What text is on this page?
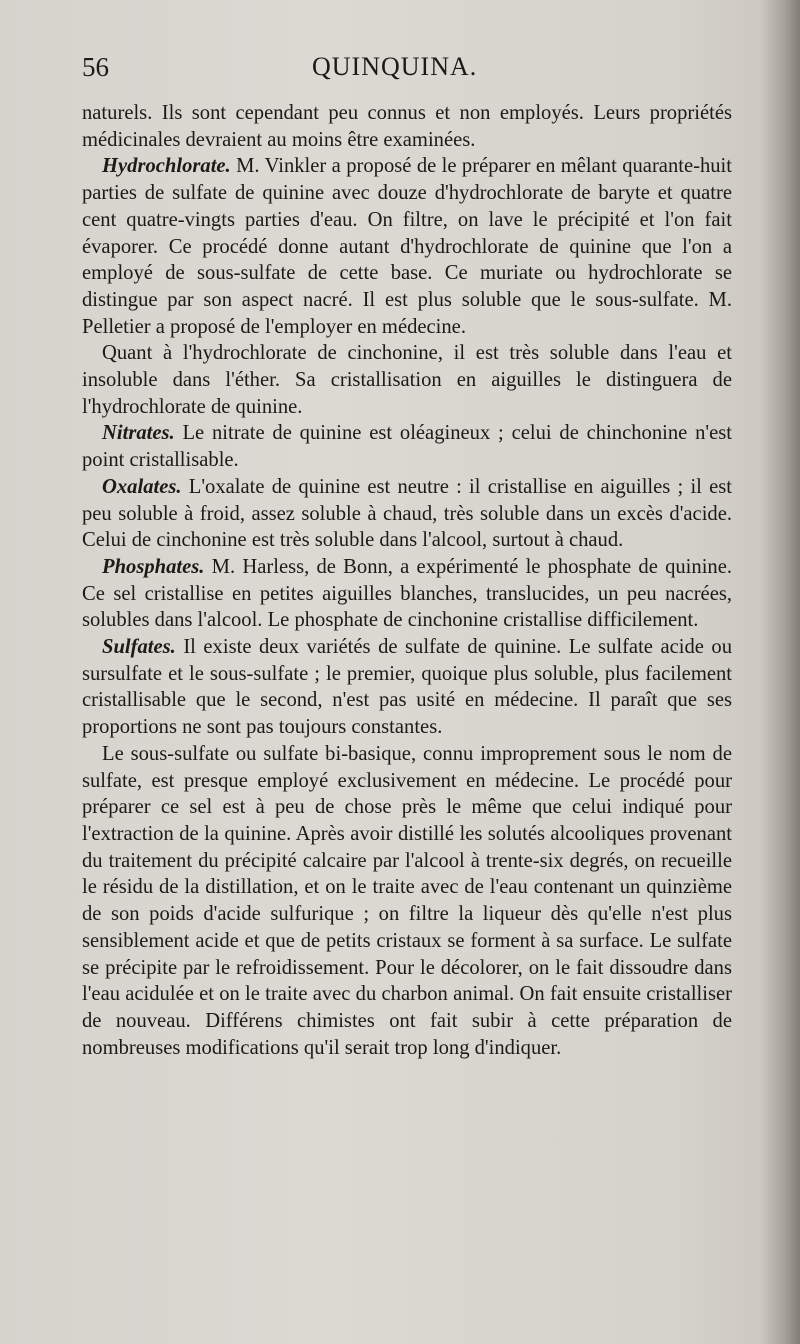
56	QUINQUINA.

naturels. Ils sont cependant peu connus et non employés. Leurs propriétés médicinales devraient au moins être examinées.

Hydrochlorate. M. Vinkler a proposé de le préparer en mêlant quarante-huit parties de sulfate de quinine avec douze d'hydrochlorate de baryte et quatre cent quatre-vingts parties d'eau. On filtre, on lave le précipité et l'on fait évaporer. Ce procédé donne autant d'hydrochlorate de quinine que l'on a employé de sous-sulfate de cette base. Ce muriate ou hydrochlorate se distingue par son aspect nacré. Il est plus soluble que le sous-sulfate. M. Pelletier a proposé de l'employer en médecine.

Quant à l'hydrochlorate de cinchonine, il est très soluble dans l'eau et insoluble dans l'éther. Sa cristallisation en aiguilles le distinguera de l'hydrochlorate de quinine.

Nitrates. Le nitrate de quinine est oléagineux ; celui de chinchonine n'est point cristallisable.

Oxalates. L'oxalate de quinine est neutre : il cristallise en aiguilles ; il est peu soluble à froid, assez soluble à chaud, très soluble dans un excès d'acide. Celui de cinchonine est très soluble dans l'alcool, surtout à chaud.

Phosphates. M. Harless, de Bonn, a expérimenté le phosphate de quinine. Ce sel cristallise en petites aiguilles blanches, translucides, un peu nacrées, solubles dans l'alcool. Le phosphate de cinchonine cristallise difficilement.

Sulfates. Il existe deux variétés de sulfate de quinine. Le sulfate acide ou sursulfate et le sous-sulfate ; le premier, quoique plus soluble, plus facilement cristallisable que le second, n'est pas usité en médecine. Il paraît que ses proportions ne sont pas toujours constantes.

Le sous-sulfate ou sulfate bi-basique, connu improprement sous le nom de sulfate, est presque employé exclusivement en médecine. Le procédé pour préparer ce sel est à peu de chose près le même que celui indiqué pour l'extraction de la quinine. Après avoir distillé les solutés alcooliques provenant du traitement du précipité calcaire par l'alcool à trente-six degrés, on recueille le résidu de la distillation, et on le traite avec de l'eau contenant un quinzième de son poids d'acide sulfurique ; on filtre la liqueur dès qu'elle n'est plus sensiblement acide et que de petits cristaux se forment à sa surface. Le sulfate se précipite par le refroidissement. Pour le décolorer, on le fait dissoudre dans l'eau acidulée et on le traite avec du charbon animal. On fait ensuite cristalliser de nouveau. Différens chimistes ont fait subir à cette préparation de nombreuses modifications qu'il serait trop long d'indiquer.
